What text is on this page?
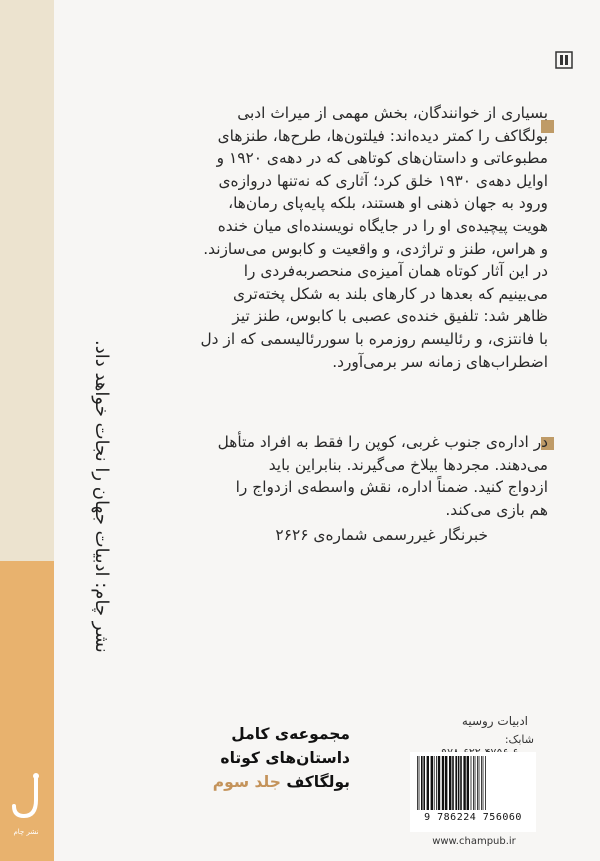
نشر چام: ادبیات جهان را نجات خواهد داد.
نشر چام

بسیاری از خوانندگان، بخش مهمی از میراث ادبی

بولگاکف را کمتر دیده‌اند: فیلتون‌ها، طرح‌ها، طنزهای

مطبوعاتی و داستان‌های کوتاهی که در دهه‌ی ۱۹۲۰ و

اوایل دهه‌ی ۱۹۳۰ خلق کرد؛ آثاری که نه‌تنها دروازه‌ی

ورود به جهان ذهنی او هستند، بلکه پایه‌پای رمان‌ها،

هویت پیچیده‌ی او را در جایگاه نویسنده‌ای میان خنده

و هراس، طنز و تراژدی، و واقعیت و کابوس می‌سازند.

در این آثار کوتاه همان آمیزه‌ی منحصربه‌فردی را

می‌بینیم که بعدها در کارهای بلند به شکل پخته‌تری

ظاهر شد: تلفیق خنده‌ی عصبی با کابوس، طنز تیز

با فانتزی، و رئالیسم روزمره با سوررئالیسمی که از دل

اضطراب‌های زمانه سر برمی‌آورد.

در اداره‌ی جنوب غربی، کوپن را فقط به افراد متأهل

می‌دهند. مجردها بیلاخ می‌گیرند. بنابراین باید

ازدواج کنید. ضمناً اداره، نقش واسطه‌ی ازدواج را

هم بازی می‌کند.

خبرنگار غیررسمی شماره‌ی ۲۶۲۶
مجموعه‌ی کامل
داستان‌های کوتاه
بولگاکف جلد سوم
ادبیات روسیه
شابک:
9 786224 756060
www.champub.ir
